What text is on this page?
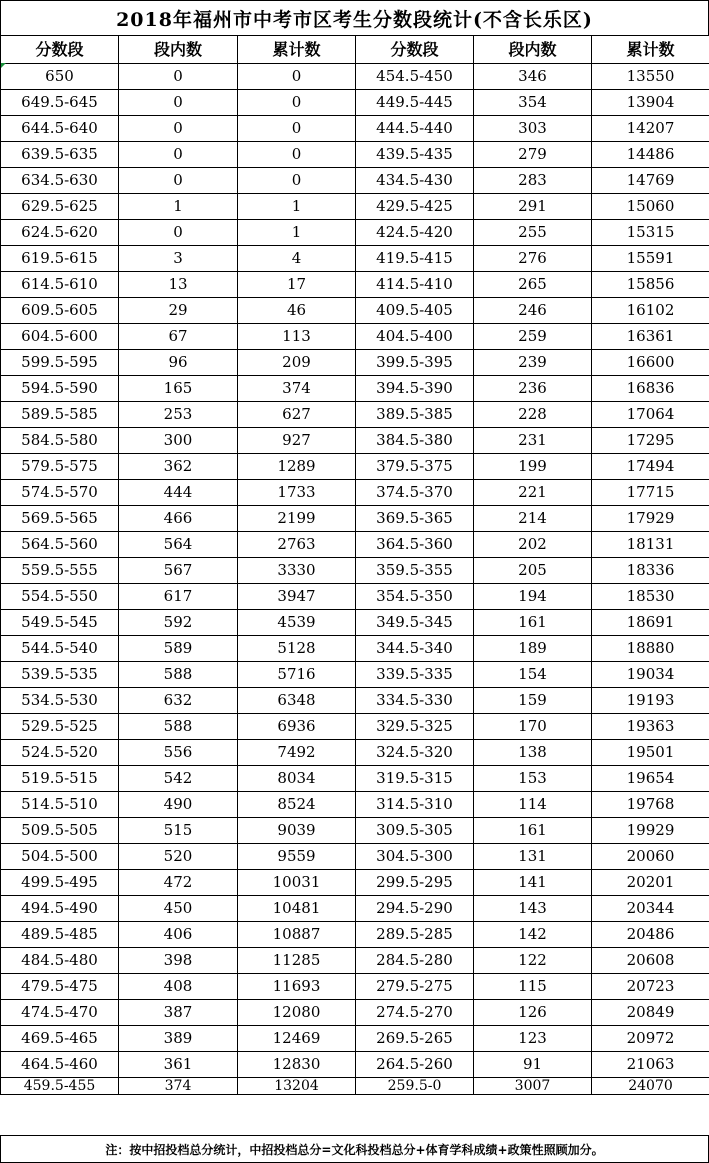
2018年福州市中考市区考生分数段统计(不含长乐区)
分数段	段内数	累计数	分数段	段内数	累计数
650	0	0	454.5-450	346	13550
649.5-645	0	0	449.5-445	354	13904
644.5-640	0	0	444.5-440	303	14207
639.5-635	0	0	439.5-435	279	14486
634.5-630	0	0	434.5-430	283	14769
629.5-625	1	1	429.5-425	291	15060
624.5-620	0	1	424.5-420	255	15315
619.5-615	3	4	419.5-415	276	15591
614.5-610	13	17	414.5-410	265	15856
609.5-605	29	46	409.5-405	246	16102
604.5-600	67	113	404.5-400	259	16361
599.5-595	96	209	399.5-395	239	16600
594.5-590	165	374	394.5-390	236	16836
589.5-585	253	627	389.5-385	228	17064
584.5-580	300	927	384.5-380	231	17295
579.5-575	362	1289	379.5-375	199	17494
574.5-570	444	1733	374.5-370	221	17715
569.5-565	466	2199	369.5-365	214	17929
564.5-560	564	2763	364.5-360	202	18131
559.5-555	567	3330	359.5-355	205	18336
554.5-550	617	3947	354.5-350	194	18530
549.5-545	592	4539	349.5-345	161	18691
544.5-540	589	5128	344.5-340	189	18880
539.5-535	588	5716	339.5-335	154	19034
534.5-530	632	6348	334.5-330	159	19193
529.5-525	588	6936	329.5-325	170	19363
524.5-520	556	7492	324.5-320	138	19501
519.5-515	542	8034	319.5-315	153	19654
514.5-510	490	8524	314.5-310	114	19768
509.5-505	515	9039	309.5-305	161	19929
504.5-500	520	9559	304.5-300	131	20060
499.5-495	472	10031	299.5-295	141	20201
494.5-490	450	10481	294.5-290	143	20344
489.5-485	406	10887	289.5-285	142	20486
484.5-480	398	11285	284.5-280	122	20608
479.5-475	408	11693	279.5-275	115	20723
474.5-470	387	12080	274.5-270	126	20849
469.5-465	389	12469	269.5-265	123	20972
464.5-460	361	12830	264.5-260	91	21063
459.5-455	374	13204	259.5-0	3007	24070
注：按中招投档总分统计，中招投档总分=文化科投档总分+体育学科成绩+政策性照顾加分。
